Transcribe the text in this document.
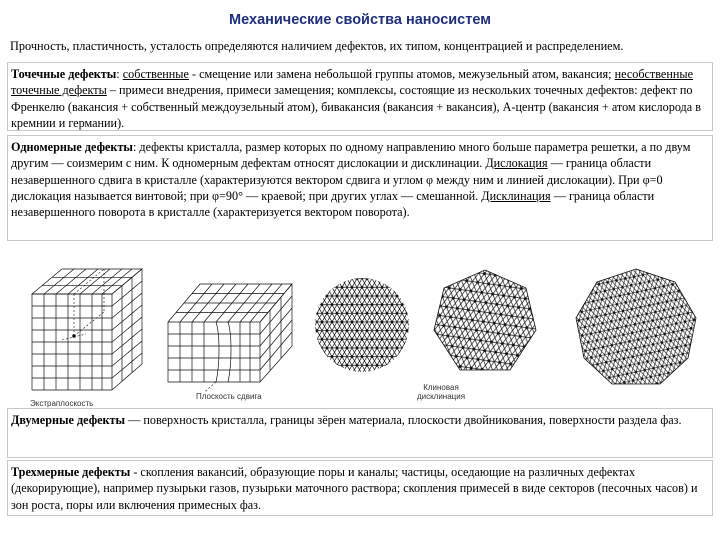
Механические свойства наносистем
Прочность, пластичность, усталость определяются наличием дефектов, их типом, концентрацией и распределением.

Точечные дефекты: собственные - смещение или замена небольшой группы атомов, межузельный атом, вакансия; несобственные точечные дефекты – примеси внедрения, примеси замещения; комплексы, состоящие из нескольких точечных дефектов: дефект по Френкелю (вакансия + собственный междоузельный атом), бивакансия (вакансия + вакансия), А-центр (вакансия + атом кислорода в кремнии и германии).

Одномерные дефекты: дефекты кристалла, размер которых по одному направлению много больше параметра решетки, а по двум другим — соизмерим с ним. К одномерным дефектам относят дислокации и дисклинации. Дислокация — граница области незавершенного сдвига в кристалле (характеризуются вектором сдвига и углом φ между ним и линией дислокации). При φ=0 дислокация называется винтовой; при φ=90° — краевой; при других углах — смешанной. Дисклинация — граница области незавершенного поворота в кристалле (характеризуется вектором поворота).

Экстраплоскость
Плоскость сдвига
Клиновая
дисклинация

Двумерные дефекты — поверхность кристалла, границы зёрен материала, плоскости двойникования, поверхности раздела фаз.

Трехмерные дефекты - скопления вакансий, образующие поры и каналы; частицы, оседающие на различных дефектах (декорирующие), например пузырьки газов, пузырьки маточного раствора; скопления примесей в виде секторов (песочных часов) и зон роста, поры или включения примесных фаз.
